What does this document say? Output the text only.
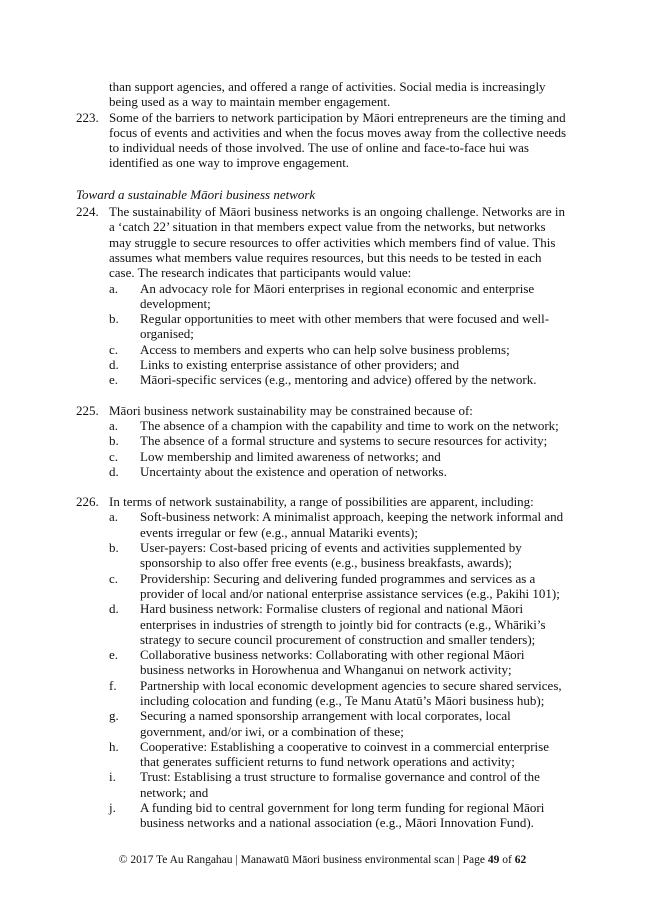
than support agencies, and offered a range of activities. Social media is increasingly being used as a way to maintain member engagement.
223. Some of the barriers to network participation by Māori entrepreneurs are the timing and focus of events and activities and when the focus moves away from the collective needs to individual needs of those involved. The use of online and face-to-face hui was identified as one way to improve engagement.
Toward a sustainable Māori business network
224. The sustainability of Māori business networks is an ongoing challenge. Networks are in a ‘catch 22’ situation in that members expect value from the networks, but networks may struggle to secure resources to offer activities which members find of value. This assumes what members value requires resources, but this needs to be tested in each case. The research indicates that participants would value:
a. An advocacy role for Māori enterprises in regional economic and enterprise development;
b. Regular opportunities to meet with other members that were focused and well-organised;
c. Access to members and experts who can help solve business problems;
d. Links to existing enterprise assistance of other providers; and
e. Māori-specific services (e.g., mentoring and advice) offered by the network.
225. Māori business network sustainability may be constrained because of:
a. The absence of a champion with the capability and time to work on the network;
b. The absence of a formal structure and systems to secure resources for activity;
c. Low membership and limited awareness of networks; and
d. Uncertainty about the existence and operation of networks.
226. In terms of network sustainability, a range of possibilities are apparent, including:
a. Soft-business network: A minimalist approach, keeping the network informal and events irregular or few (e.g., annual Matariki events);
b. User-payers: Cost-based pricing of events and activities supplemented by sponsorship to also offer free events (e.g., business breakfasts, awards);
c. Providership: Securing and delivering funded programmes and services as a provider of local and/or national enterprise assistance services (e.g., Pakihi 101);
d. Hard business network: Formalise clusters of regional and national Māori enterprises in industries of strength to jointly bid for contracts (e.g., Whāriki’s strategy to secure council procurement of construction and smaller tenders);
e. Collaborative business networks: Collaborating with other regional Māori business networks in Horowhenua and Whanganui on network activity;
f. Partnership with local economic development agencies to secure shared services, including colocation and funding (e.g., Te Manu Atatū’s Māori business hub);
g. Securing a named sponsorship arrangement with local corporates, local government, and/or iwi, or a combination of these;
h. Cooperative: Establishing a cooperative to coinvest in a commercial enterprise that generates sufficient returns to fund network operations and activity;
i. Trust: Establising a trust structure to formalise governance and control of the network; and
j. A funding bid to central government for long term funding for regional Māori business networks and a national association (e.g., Māori Innovation Fund).
© 2017 Te Au Rangahau | Manawatū Māori business environmental scan | Page 49 of 62
